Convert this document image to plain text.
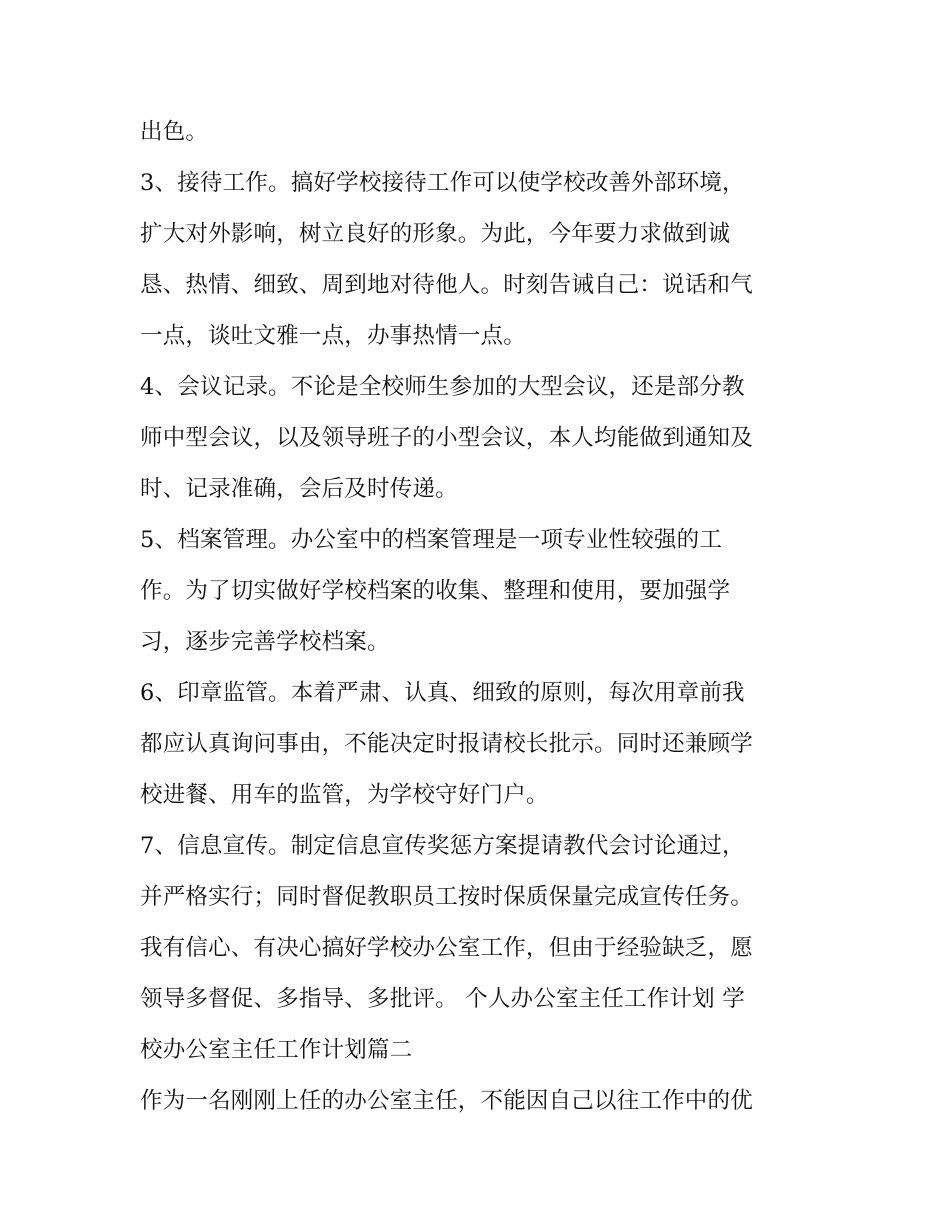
出色。
3、接待工作。搞好学校接待工作可以使学校改善外部环境，
扩大对外影响，树立良好的形象。为此，今年要力求做到诚
恳、热情、细致、周到地对待他人。时刻告诫自己：说话和气
一点，谈吐文雅一点，办事热情一点。
4、会议记录。不论是全校师生参加的大型会议，还是部分教
师中型会议，以及领导班子的小型会议，本人均能做到通知及
时、记录准确，会后及时传递。
5、档案管理。办公室中的档案管理是一项专业性较强的工
作。为了切实做好学校档案的收集、整理和使用，要加强学
习，逐步完善学校档案。
6、印章监管。本着严肃、认真、细致的原则，每次用章前我
都应认真询问事由，不能决定时报请校长批示。同时还兼顾学
校进餐、用车的监管，为学校守好门户。
7、信息宣传。制定信息宣传奖惩方案提请教代会讨论通过，
并严格实行；同时督促教职员工按时保质保量完成宣传任务。
我有信心、有决心搞好学校办公室工作，但由于经验缺乏，愿
领导多督促、多指导、多批评。 个人办公室主任工作计划 学
校办公室主任工作计划篇二
作为一名刚刚上任的办公室主任，不能因自己以往工作中的优
